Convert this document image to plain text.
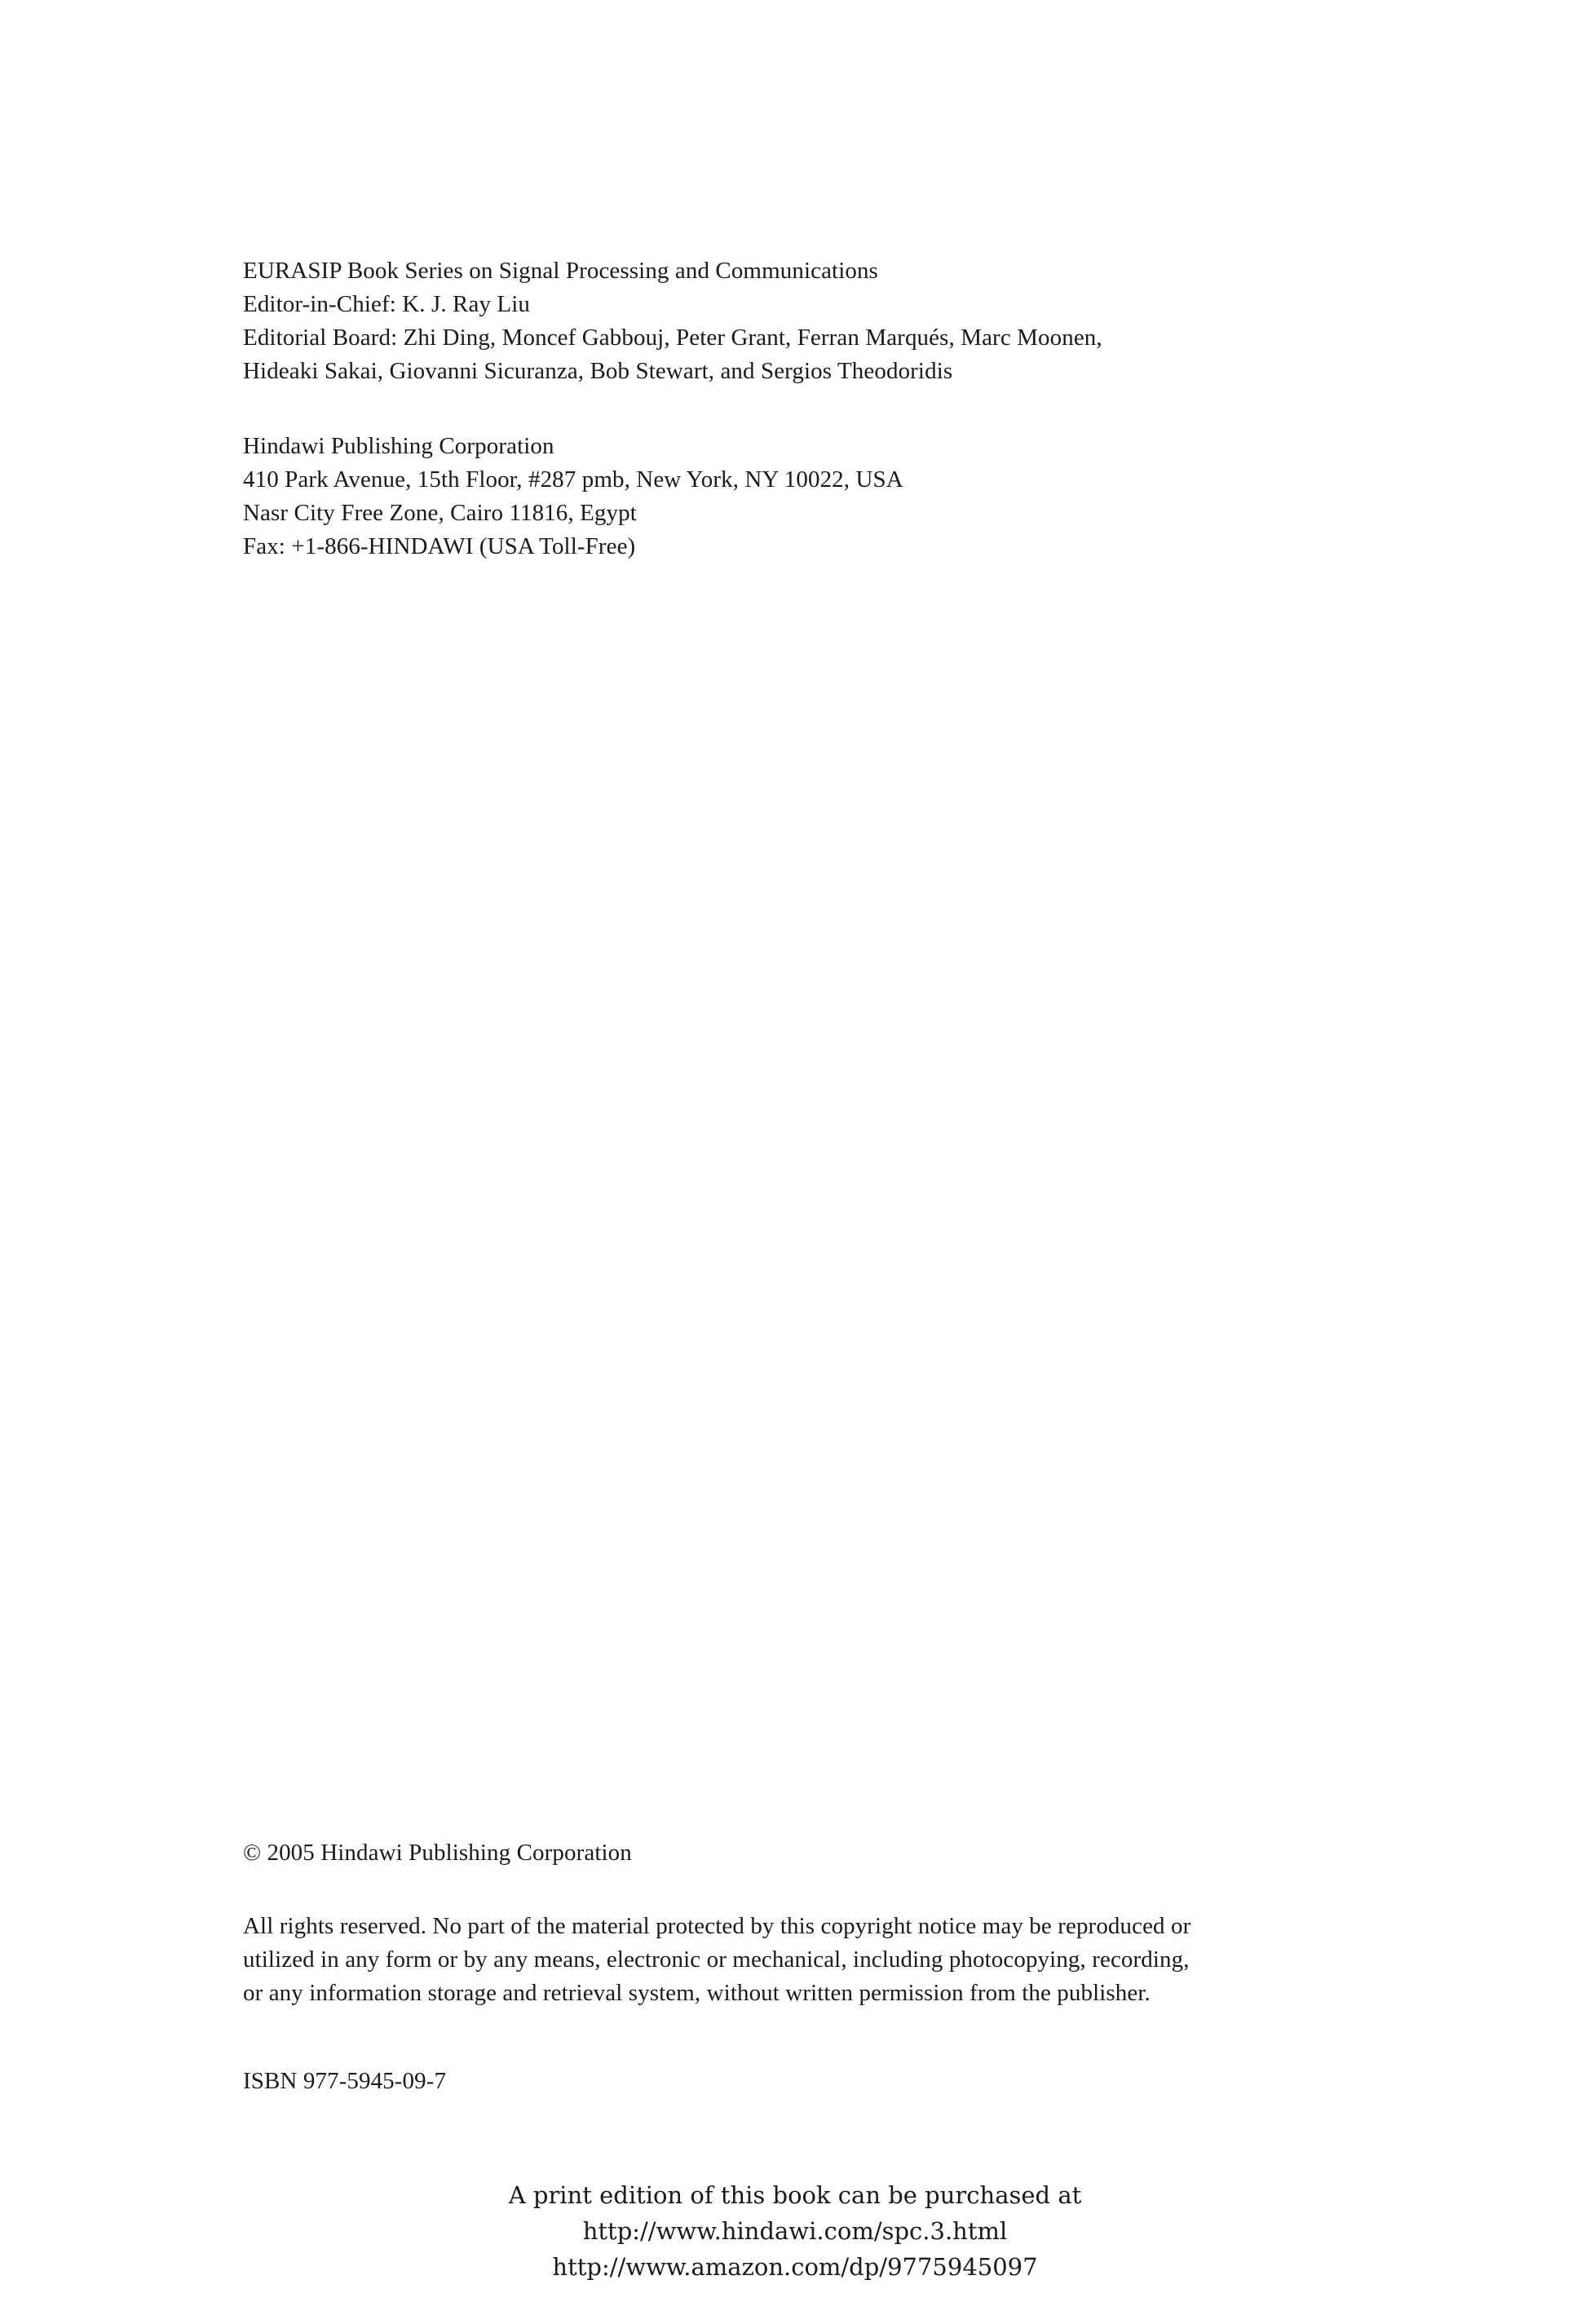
EURASIP Book Series on Signal Processing and Communications
Editor-in-Chief: K. J. Ray Liu
Editorial Board: Zhi Ding, Moncef Gabbouj, Peter Grant, Ferran Marqués, Marc Moonen,
Hideaki Sakai, Giovanni Sicuranza, Bob Stewart, and Sergios Theodoridis
Hindawi Publishing Corporation
410 Park Avenue, 15th Floor, #287 pmb, New York, NY 10022, USA
Nasr City Free Zone, Cairo 11816, Egypt
Fax: +1-866-HINDAWI (USA Toll-Free)
© 2005 Hindawi Publishing Corporation
All rights reserved. No part of the material protected by this copyright notice may be reproduced or
utilized in any form or by any means, electronic or mechanical, including photocopying, recording,
or any information storage and retrieval system, without written permission from the publisher.
ISBN 977-5945-09-7
A print edition of this book can be purchased at
http://www.hindawi.com/spc.3.html
http://www.amazon.com/dp/9775945097
